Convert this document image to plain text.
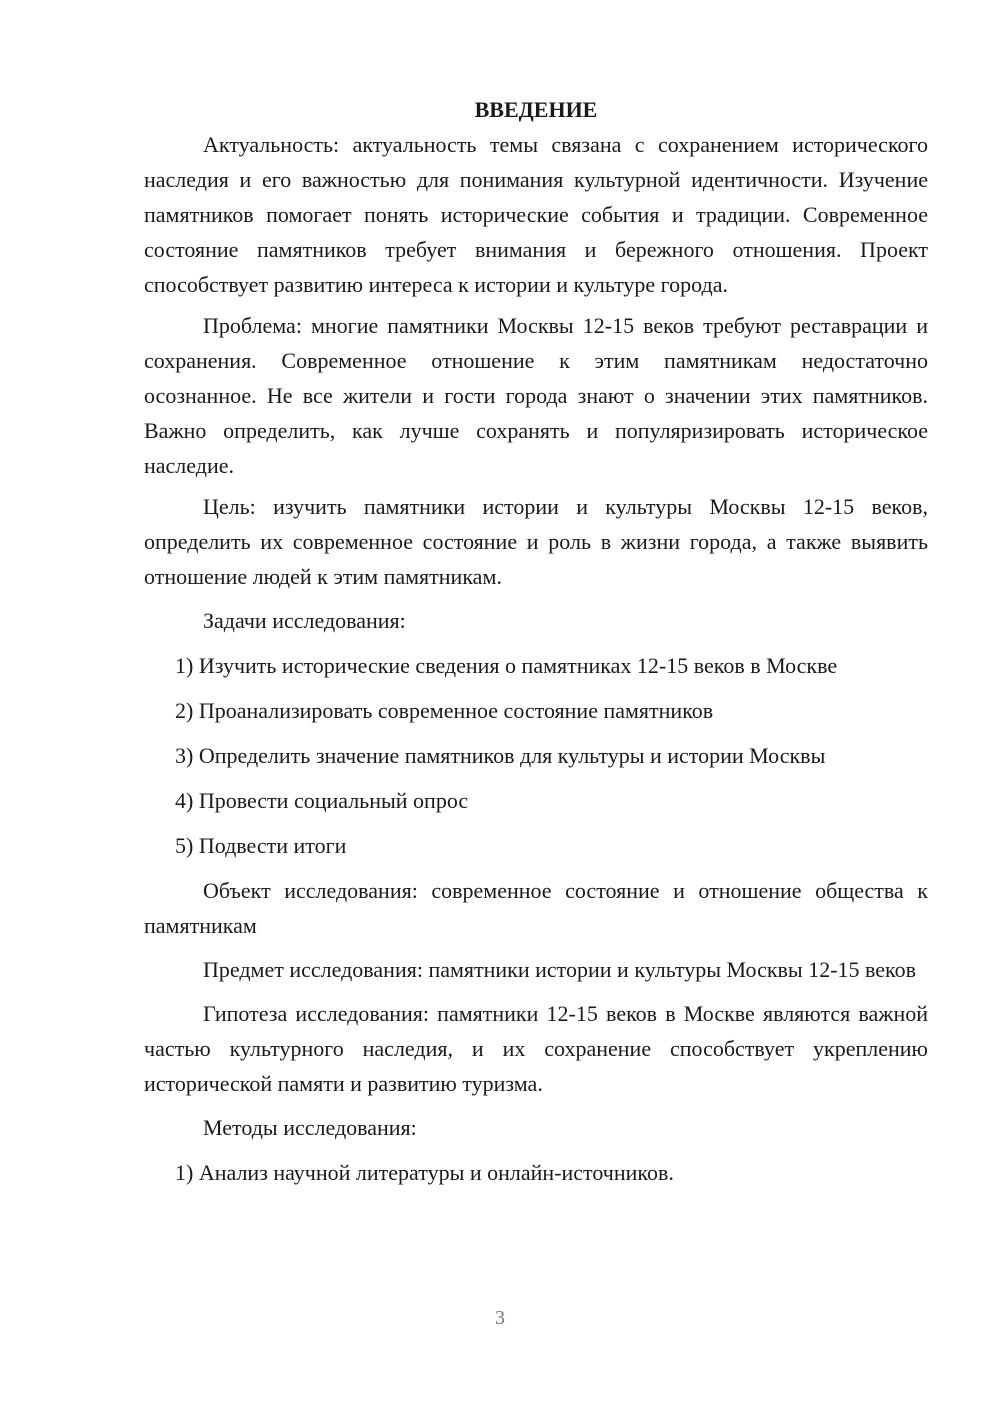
ВВЕДЕНИЕ

Актуальность: актуальность темы связана с сохранением исторического наследия и его важностью для понимания культурной идентичности. Изучение памятников помогает понять исторические события и традиции. Современное состояние памятников требует внимания и бережного отношения. Проект способствует развитию интереса к истории и культуре города.

Проблема: многие памятники Москвы 12-15 веков требуют реставрации и сохранения. Современное отношение к этим памятникам недостаточно осознанное. Не все жители и гости города знают о значении этих памятников. Важно определить, как лучше сохранять и популяризировать историческое наследие.

Цель: изучить памятники истории и культуры Москвы 12-15 веков, определить их современное состояние и роль в жизни города, а также выявить отношение людей к этим памятникам.

Задачи исследования:

1) Изучить исторические сведения о памятниках 12-15 веков в Москве

2) Проанализировать современное состояние памятников

3) Определить значение памятников для культуры и истории Москвы

4) Провести социальный опрос

5) Подвести итоги

Объект исследования: современное состояние и отношение общества к памятникам

Предмет исследования: памятники истории и культуры Москвы 12-15 веков

Гипотеза исследования: памятники 12-15 веков в Москве являются важной частью культурного наследия, и их сохранение способствует укреплению исторической памяти и развитию туризма.

Методы исследования:

1) Анализ научной литературы и онлайн-источников.

3
